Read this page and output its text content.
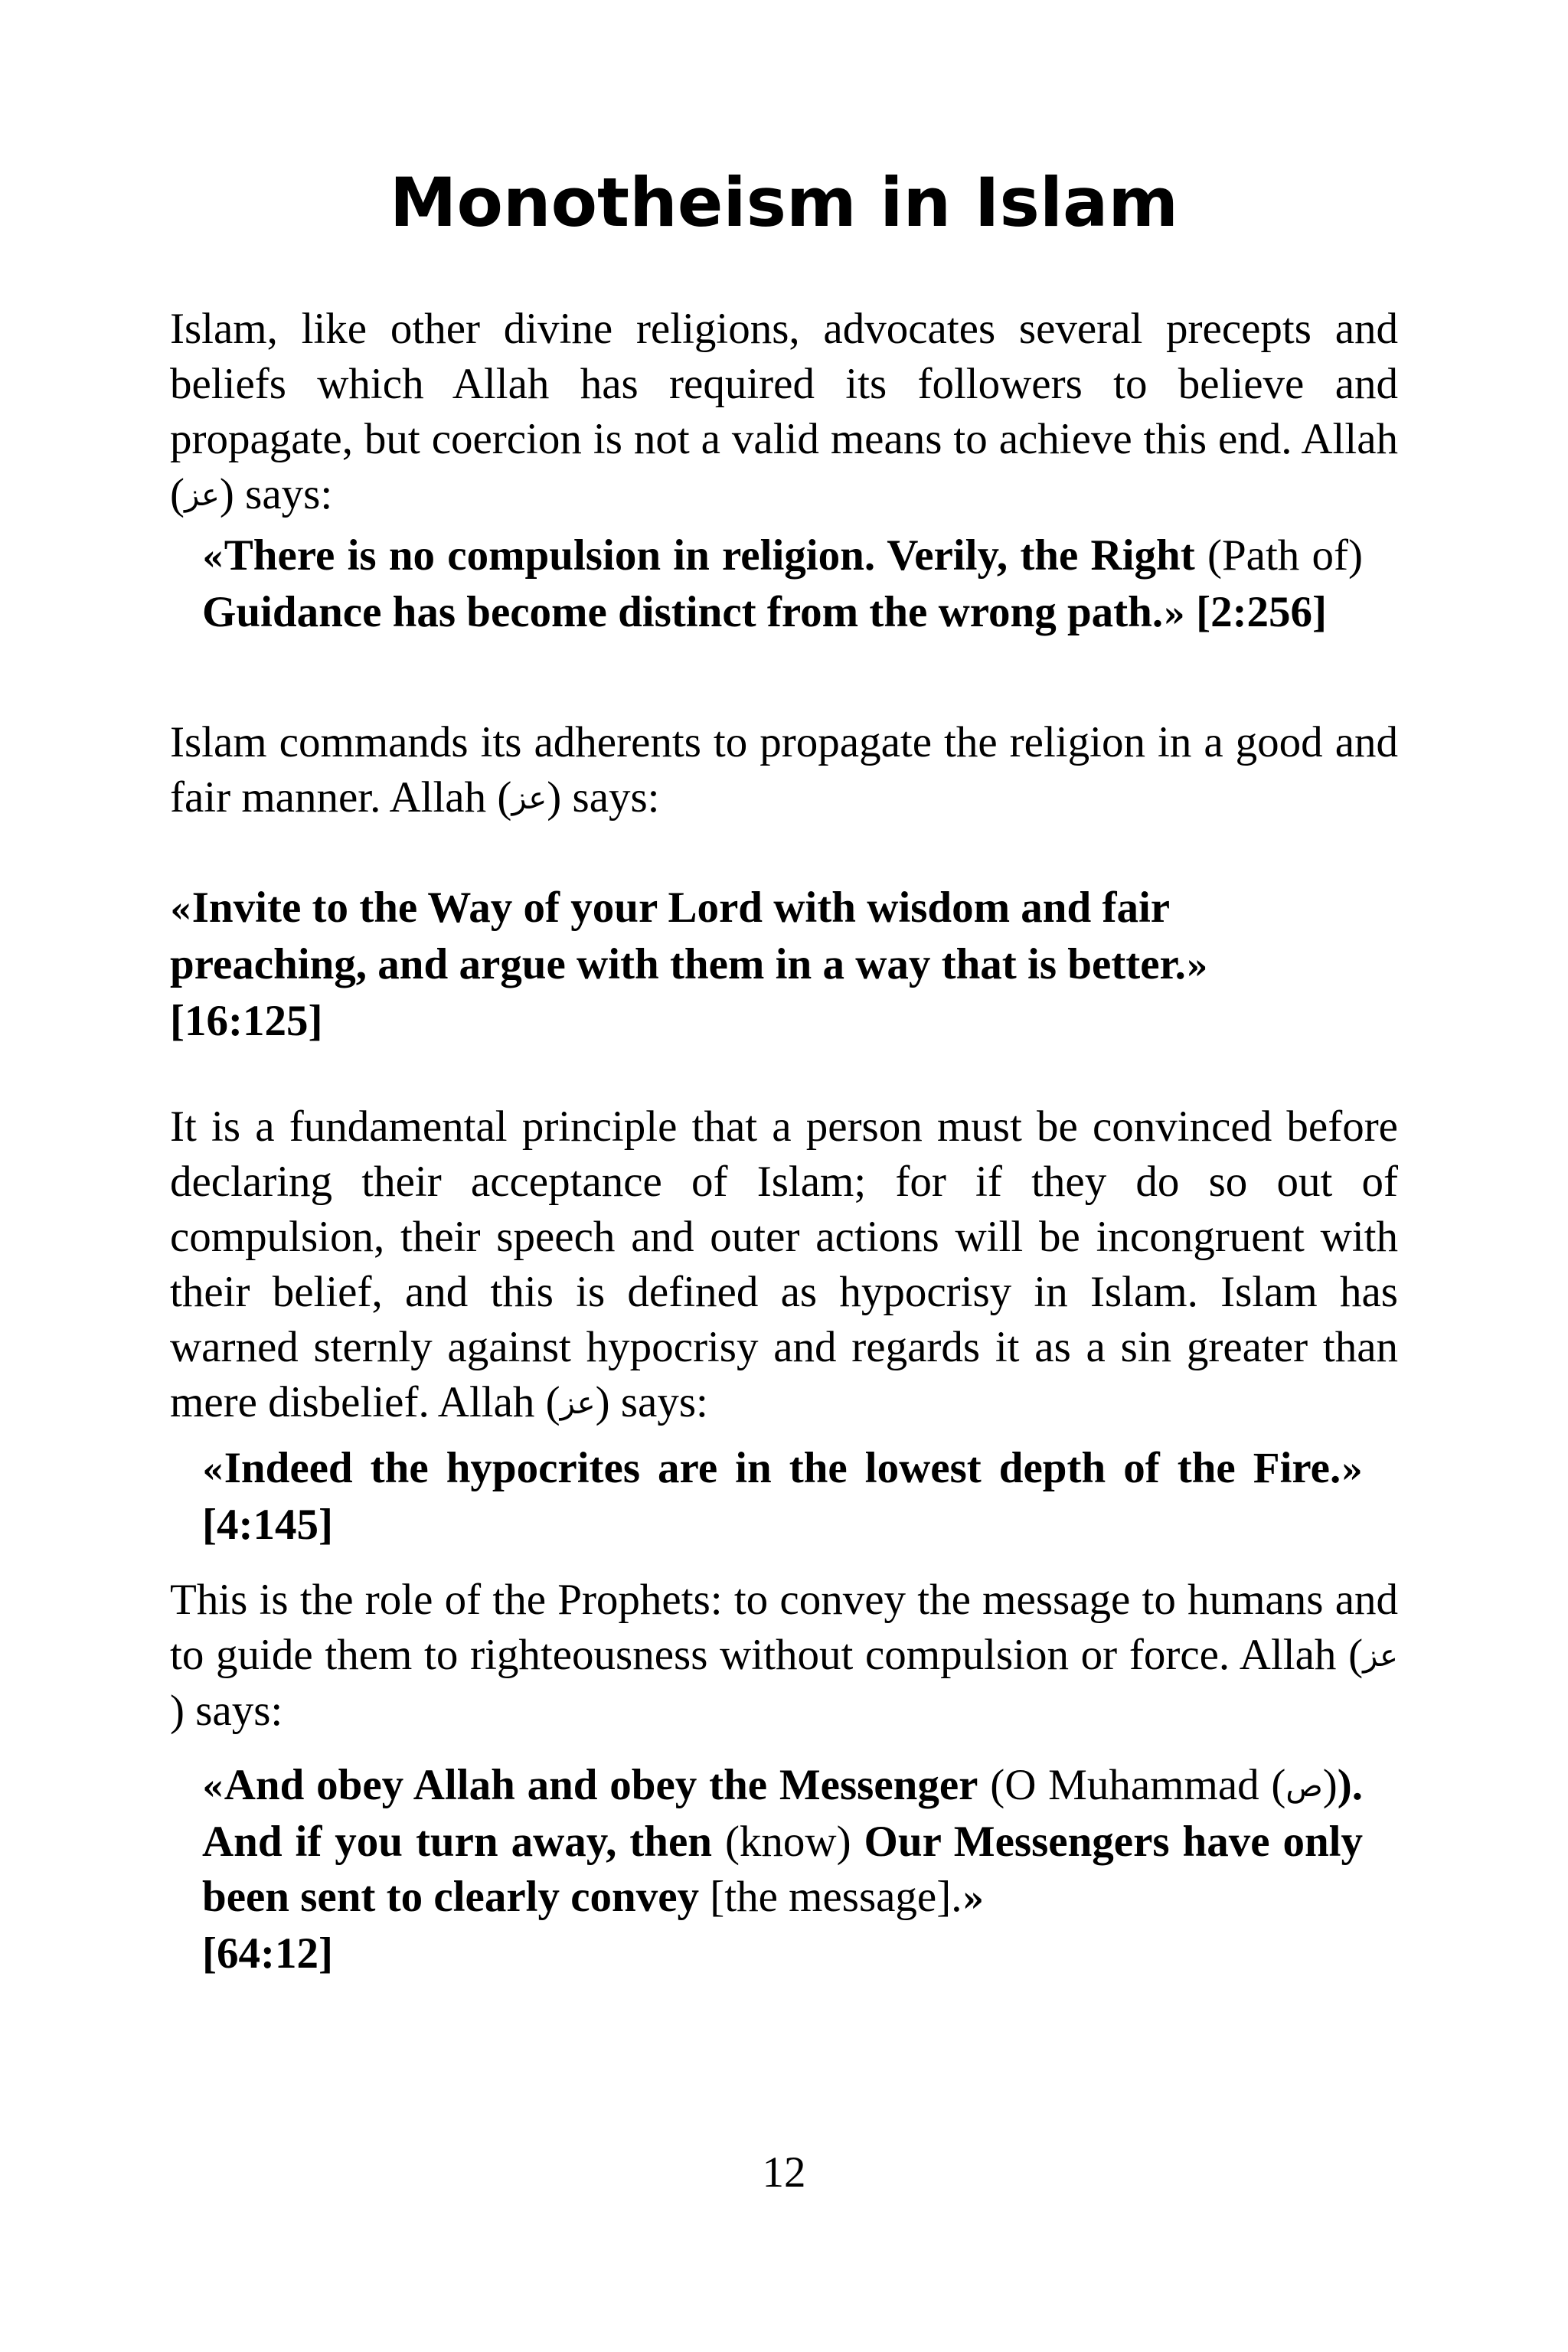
Monotheism in Islam

Islam, like other divine religions, advocates several precepts and beliefs which Allah has required its followers to believe and propagate, but coercion is not a valid means to achieve this end. Allah (عز) says:

«There is no compulsion in religion. Verily, the Right (Path of) Guidance has become distinct from the wrong path.» [2:256]

Islam commands its adherents to propagate the religion in a good and fair manner. Allah (عز) says:

«Invite to the Way of your Lord with wisdom and fair preaching, and argue with them in a way that is better.»
[16:125]

It is a fundamental principle that a person must be convinced before declaring their acceptance of Islam; for if they do so out of compulsion, their speech and outer actions will be incongruent with their belief, and this is defined as hypocrisy in Islam. Islam has warned sternly against hypocrisy and regards it as a sin greater than mere disbelief. Allah (عز) says:

«Indeed the hypocrites are in the lowest depth of the Fire.» [4:145]

This is the role of the Prophets: to convey the message to humans and to guide them to righteousness without compulsion or force. Allah (عز) says:

«And obey Allah and obey the Messenger (O Muhammad (ص)). And if you turn away, then (know) Our Messengers have only been sent to clearly convey [the message].»
[64:12]

12
